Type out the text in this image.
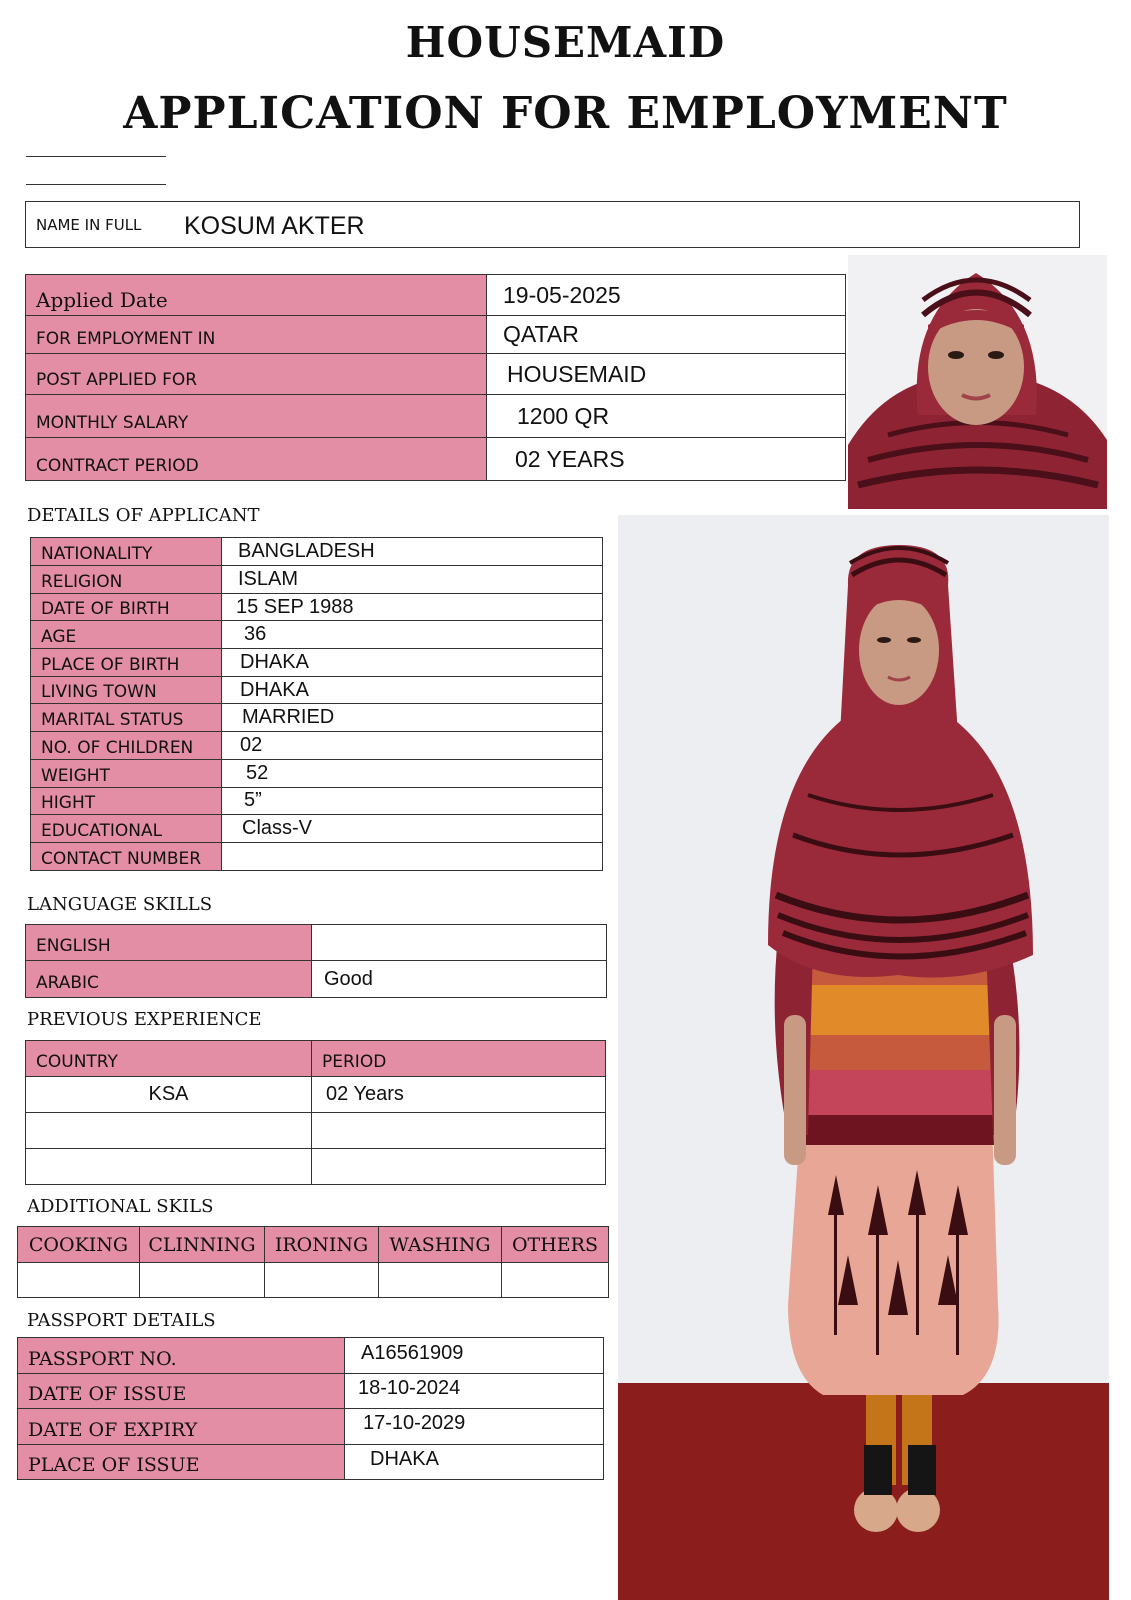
HOUSEMAID
APPLICATION FOR EMPLOYMENT
NAME IN FULL KOSUM AKTER
Applied Date	19-05-2025
FOR EMPLOYMENT IN	QATAR
POST APPLIED FOR	HOUSEMAID
MONTHLY SALARY	1200 QR
CONTRACT PERIOD	02 YEARS
DETAILS OF APPLICANT
NATIONALITY	BANGLADESH
RELIGION	ISLAM
DATE OF BIRTH	15 SEP 1988
AGE	36
PLACE OF BIRTH	DHAKA
LIVING TOWN	DHAKA
MARITAL STATUS	MARRIED
NO. OF CHILDREN	02
WEIGHT	52
HIGHT	5”
EDUCATIONAL	Class-V
CONTACT NUMBER	
LANGUAGE SKILLS
ENGLISH	
ARABIC	Good
PREVIOUS EXPERIENCE
COUNTRY	PERIOD
KSA	02 Years

ADDITIONAL SKILS
COOKING	CLINNING	IRONING	WASHING	OTHERS

PASSPORT DETAILS
PASSPORT NO.	A16561909
DATE OF ISSUE	18-10-2024
DATE OF EXPIRY	17-10-2029
PLACE OF ISSUE	DHAKA
